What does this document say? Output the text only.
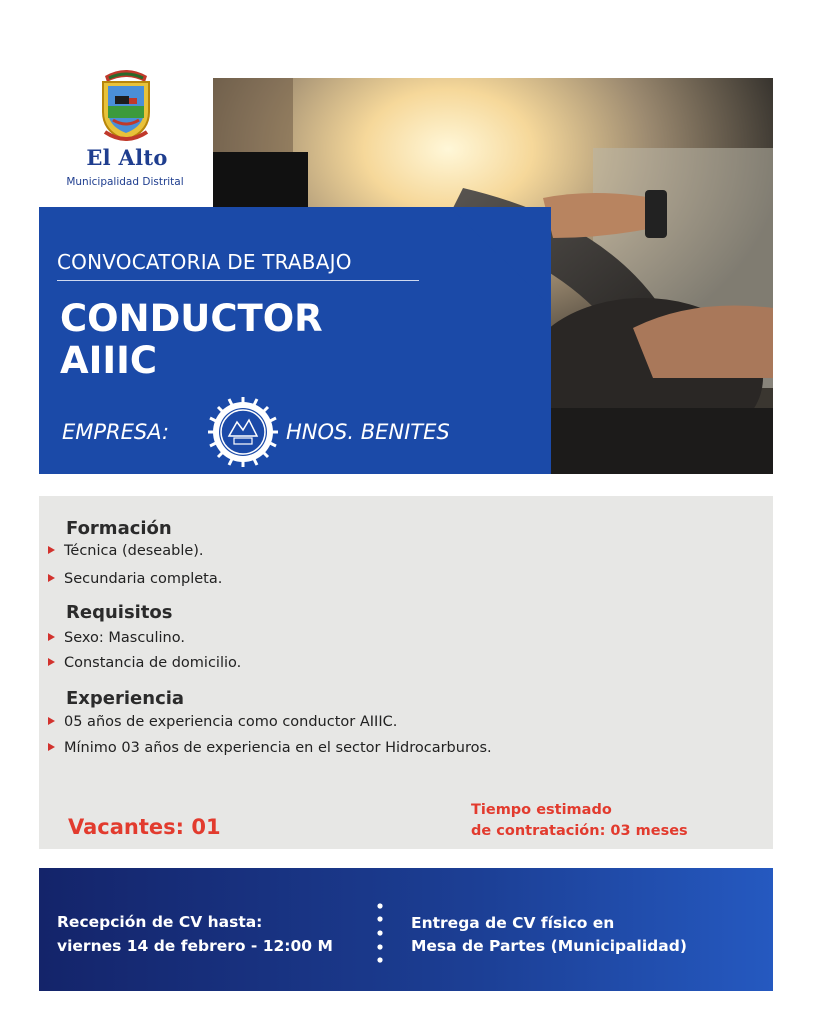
El Alto
Municipalidad Distrital
CONVOCATORIA DE TRABAJO
CONDUCTOR
AIIIC
EMPRESA:	HNOS. BENITES
Formación
Técnica (deseable).
Secundaria completa.
Requisitos
Sexo: Masculino.
Constancia de domicilio.
Experiencia
05 años de experiencia como conductor AIIIC.
Mínimo 03 años de experiencia en el sector Hidrocarburos.
Vacantes: 01
Tiempo estimado
de contratación: 03 meses
Recepción de CV hasta:
viernes 14 de febrero - 12:00 M
Entrega de CV físico en
Mesa de Partes (Municipalidad)
